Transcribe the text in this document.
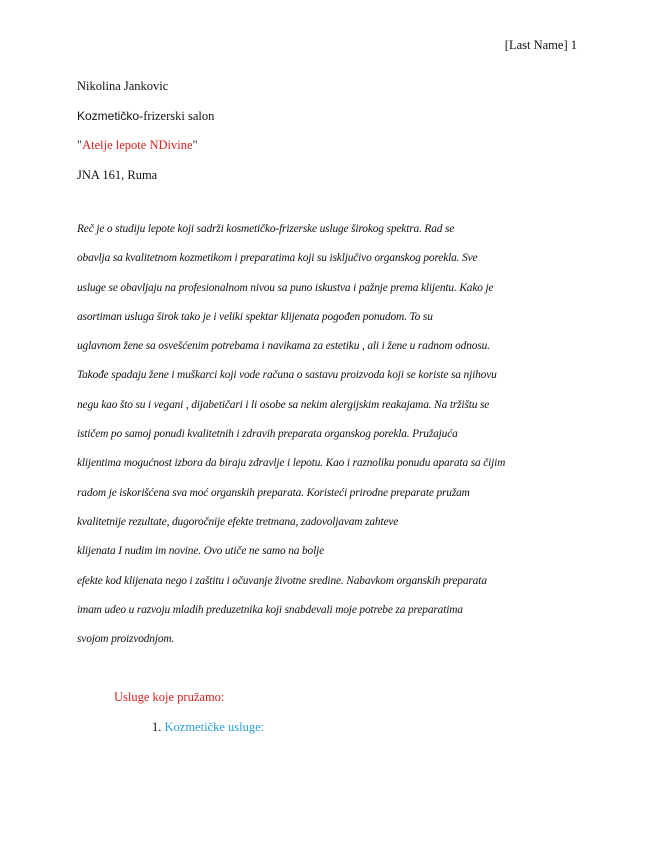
[Last Name] 1
Nikolina Jankovic
Kozmetičko-frizerski salon
"Atelje lepote NDivine"
JNA 161, Ruma
Reč je o studiju lepote koji sadrži kosmetičko-frizerske usluge širokog spektra. Rad se
obavlja sa kvalitetnom kozmetikom i preparatima koji su isključivo organskog porekla. Sve
usluge se obavljaju na profesionalnom nivou sa puno iskustva i pažnje prema klijentu. Kako je
asortiman usluga širok tako je i veliki spektar klijenata pogođen ponudom. To su
uglavnom žene sa osvešćenim potrebama i navikama za estetiku , ali i žene u radnom odnosu.
Takođe spadaju žene i muškarci koji vode računa o sastavu proizvoda koji se koriste sa njihovu
negu kao što su i vegani , dijabetičari i li osobe sa nekim alergijskim reakajama. Na tržištu se
ističem po samoj ponudi kvalitetnih i zdravih preparata organskog porekla. Pružajuća
klijentima mogućnost izbora da biraju zdravlje i lepotu. Kao i raznoliku ponudu aparata sa čijim
radom je iskorišćena sva moć organskih preparata. Koristeći prirodne preparate pružam
kvalitetnije rezultate, dugoročnije efekte tretmana, zadovoljavam zahteve
klijenata I nudim im novine. Ovo utiče ne samo na bolje
efekte kod klijenata nego i zaštitu i očuvanje životne sredine. Nabavkom organskih preparata
imam udeo u razvoju mladih preduzetnika koji snabdevali moje potrebe za preparatima
svojom proizvodnjom.
Usluge koje pružamo:
1. Kozmetičke usluge:
